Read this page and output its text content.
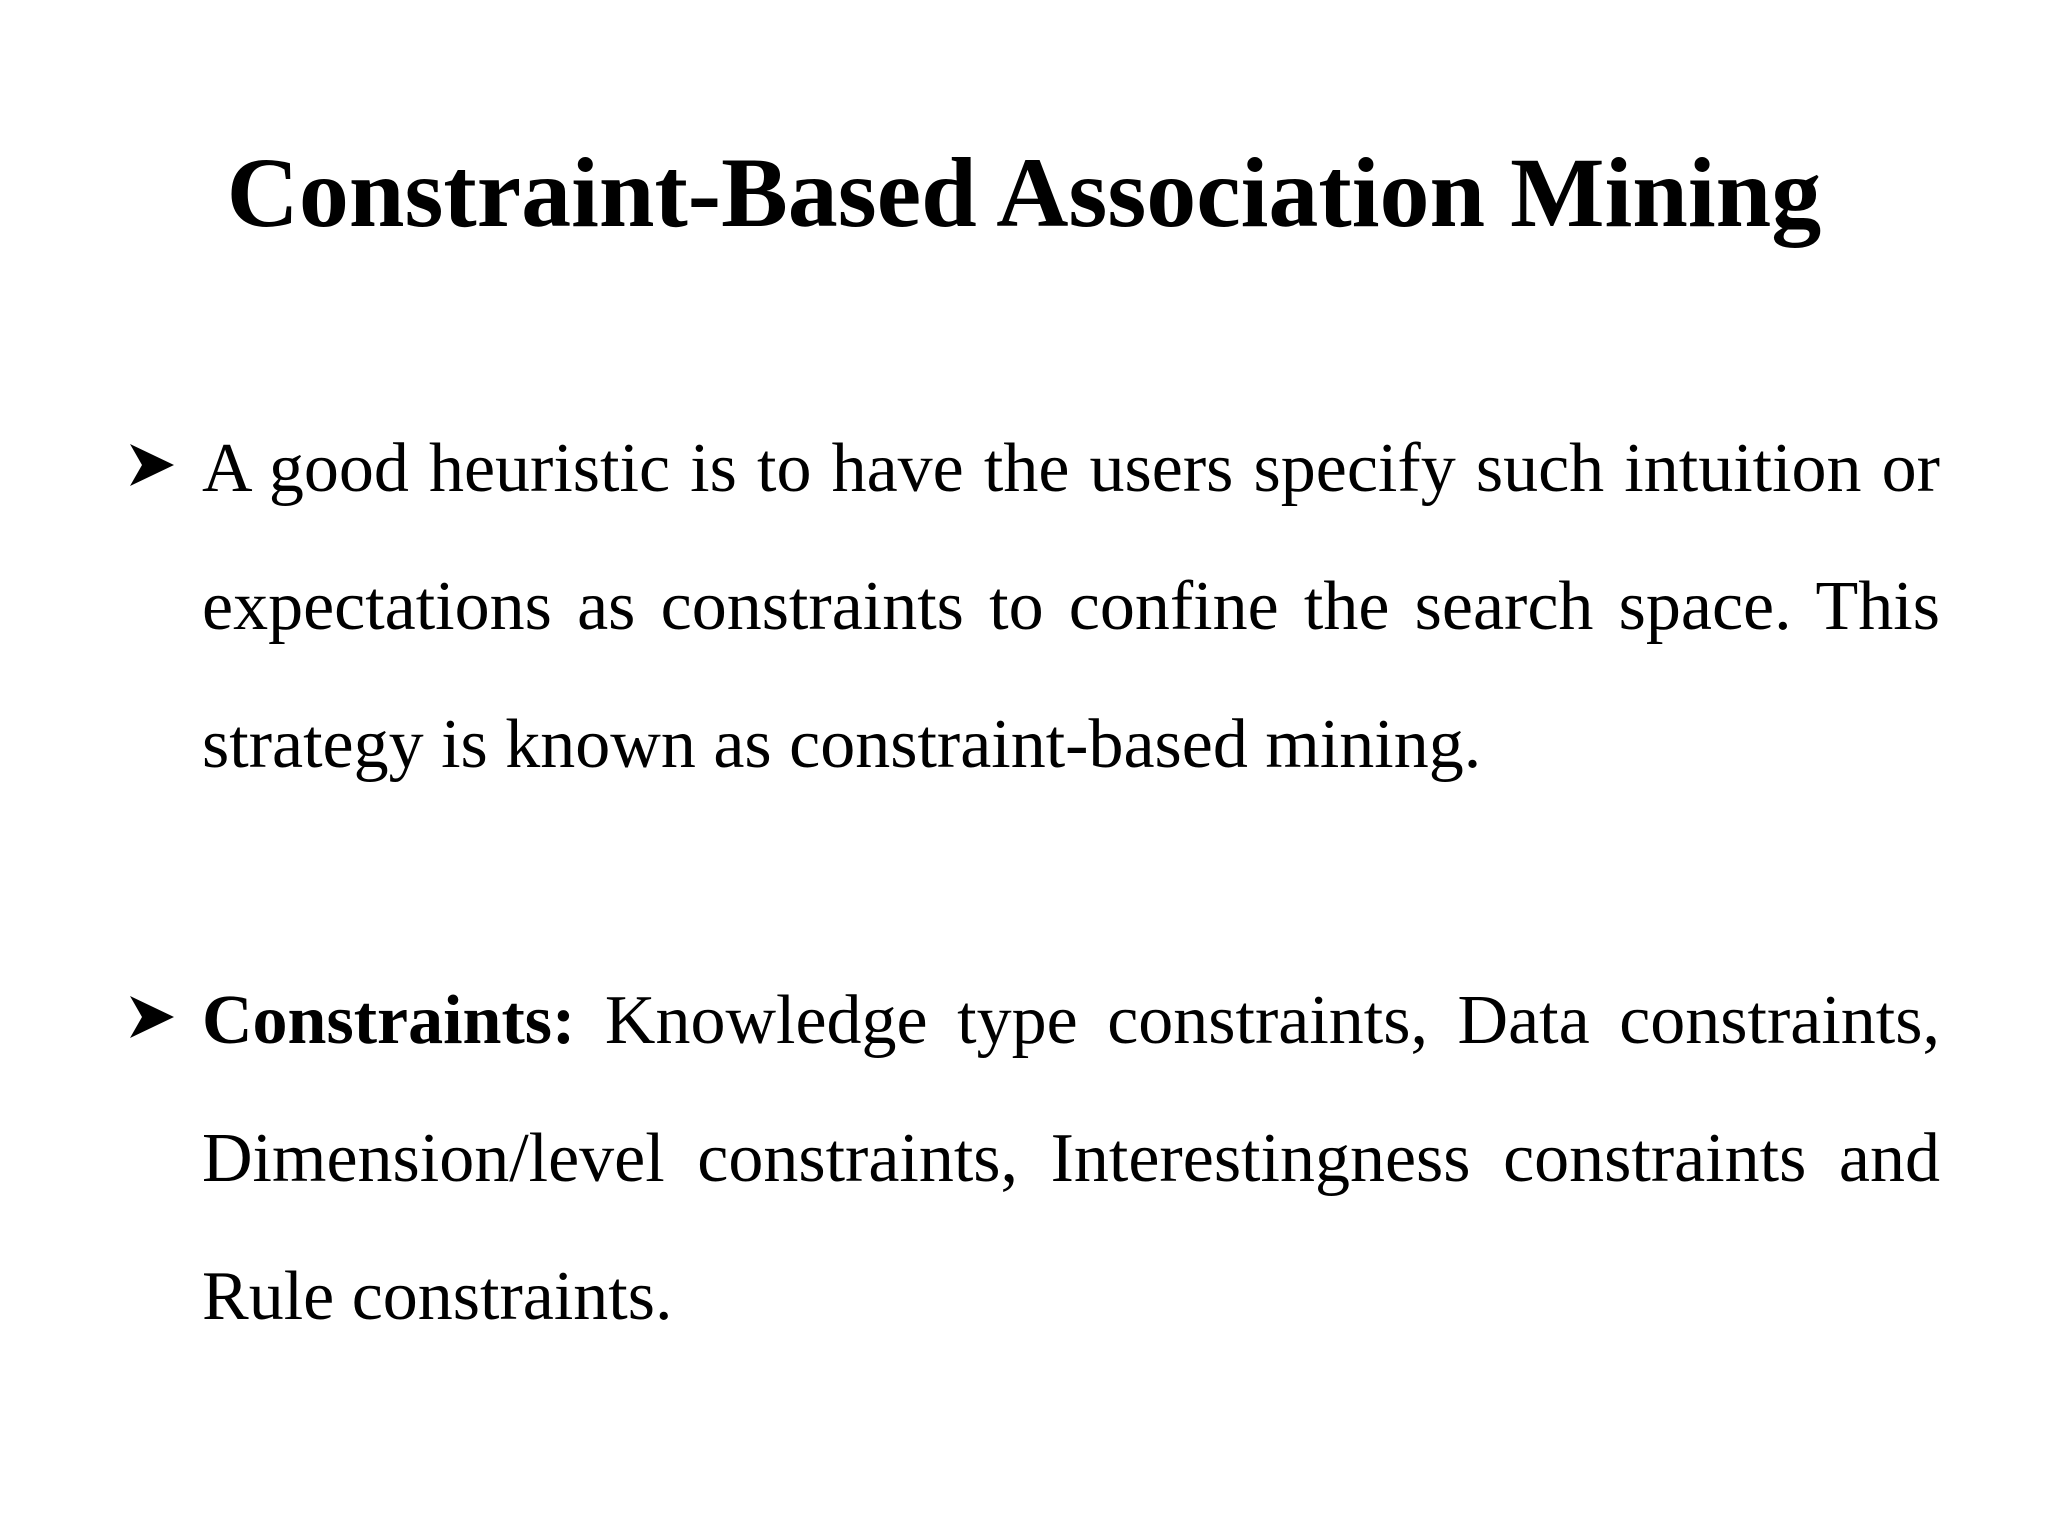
Constraint-Based Association Mining

A good heuristic is to have the users specify such intuition or expectations as constraints to confine the search space. This strategy is known as constraint-based mining.

Constraints: Knowledge type constraints, Data constraints, Dimension/level constraints, Interestingness constraints and Rule constraints.
